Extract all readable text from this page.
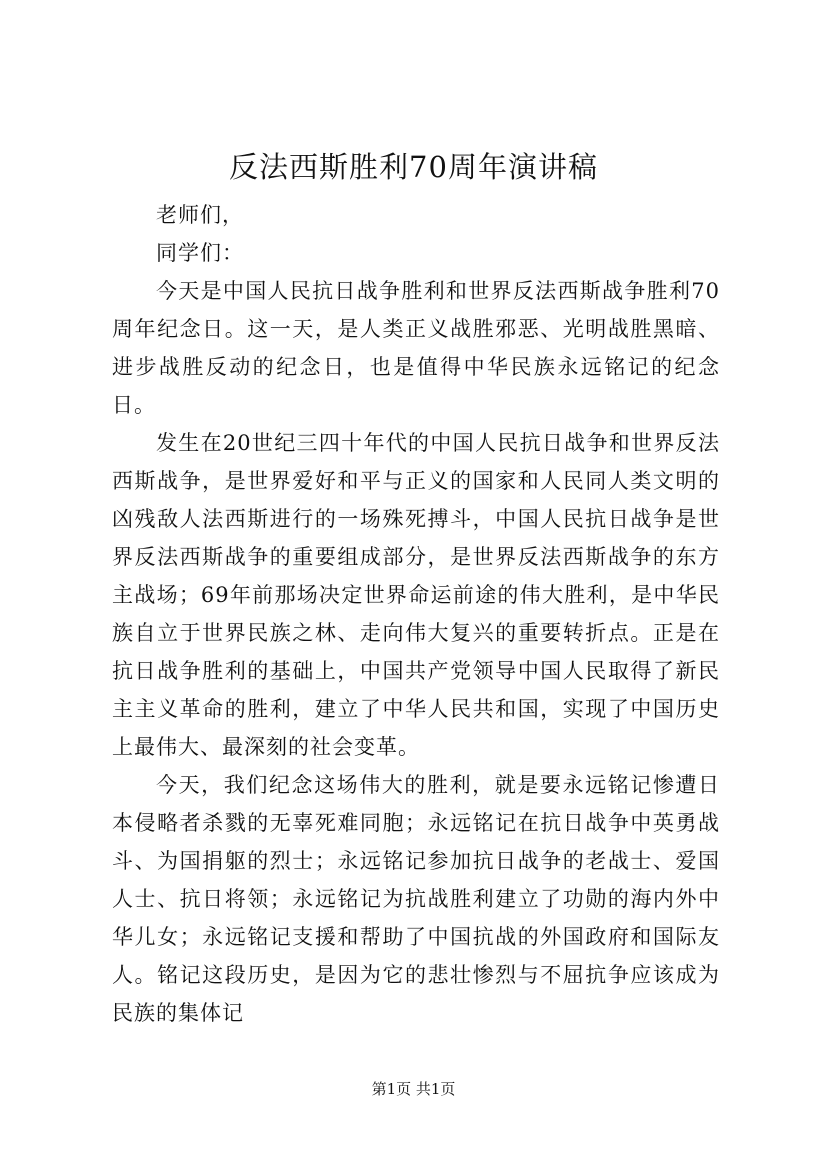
反法西斯胜利70周年演讲稿

老师们，

同学们：

今天是中国人民抗日战争胜利和世界反法西斯战争胜利70周年纪念日。这一天，是人类正义战胜邪恶、光明战胜黑暗、进步战胜反动的纪念日，也是值得中华民族永远铭记的纪念日。

发生在20世纪三四十年代的中国人民抗日战争和世界反法西斯战争，是世界爱好和平与正义的国家和人民同人类文明的凶残敌人法西斯进行的一场殊死搏斗，中国人民抗日战争是世界反法西斯战争的重要组成部分，是世界反法西斯战争的东方主战场；69年前那场决定世界命运前途的伟大胜利，是中华民族自立于世界民族之林、走向伟大复兴的重要转折点。正是在抗日战争胜利的基础上，中国共产党领导中国人民取得了新民主主义革命的胜利，建立了中华人民共和国，实现了中国历史上最伟大、最深刻的社会变革。

今天，我们纪念这场伟大的胜利，就是要永远铭记惨遭日本侵略者杀戮的无辜死难同胞；永远铭记在抗日战争中英勇战斗、为国捐躯的烈士；永远铭记参加抗日战争的老战士、爱国人士、抗日将领；永远铭记为抗战胜利建立了功勋的海内外中华儿女；永远铭记支援和帮助了中国抗战的外国政府和国际友人。铭记这段历史，是因为它的悲壮惨烈与不屈抗争应该成为民族的集体记

第1页 共1页
